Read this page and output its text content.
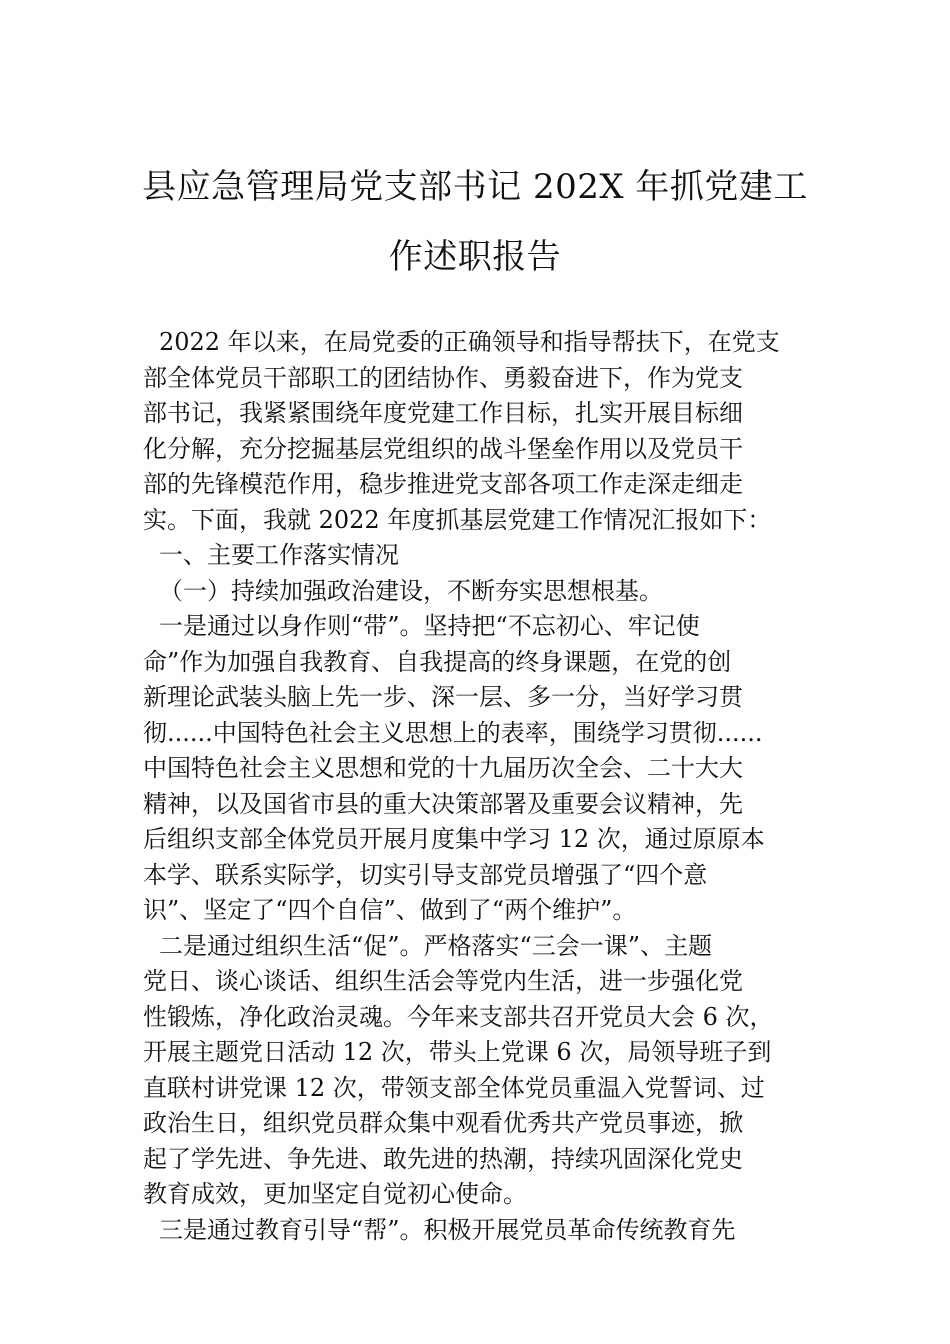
县应急管理局党支部书记 202X 年抓党建工
作述职报告
2022 年以来，在局党委的正确领导和指导帮扶下，在党支
部全体党员干部职工的团结协作、勇毅奋进下，作为党支
部书记，我紧紧围绕年度党建工作目标，扎实开展目标细
化分解，充分挖掘基层党组织的战斗堡垒作用以及党员干
部的先锋模范作用，稳步推进党支部各项工作走深走细走
实。下面，我就 2022 年度抓基层党建工作情况汇报如下：
一、主要工作落实情况
（一）持续加强政治建设，不断夯实思想根基。
一是通过以身作则“带”。坚持把“不忘初心、牢记使
命”作为加强自我教育、自我提高的终身课题，在党的创
新理论武装头脑上先一步、深一层、多一分，当好学习贯
彻......中国特色社会主义思想上的表率，围绕学习贯彻......
中国特色社会主义思想和党的十九届历次全会、二十大大
精神，以及国省市县的重大决策部署及重要会议精神，先
后组织支部全体党员开展月度集中学习 12 次，通过原原本
本学、联系实际学，切实引导支部党员增强了“四个意
识”、坚定了“四个自信”、做到了“两个维护”。
二是通过组织生活“促”。严格落实“三会一课”、主题
党日、谈心谈话、组织生活会等党内生活，进一步强化党
性锻炼，净化政治灵魂。今年来支部共召开党员大会 6 次，
开展主题党日活动 12 次，带头上党课 6 次，局领导班子到
直联村讲党课 12 次，带领支部全体党员重温入党誓词、过
政治生日，组织党员群众集中观看优秀共产党员事迹，掀
起了学先进、争先进、敢先进的热潮，持续巩固深化党史
教育成效，更加坚定自觉初心使命。
三是通过教育引导“帮”。积极开展党员革命传统教育先
